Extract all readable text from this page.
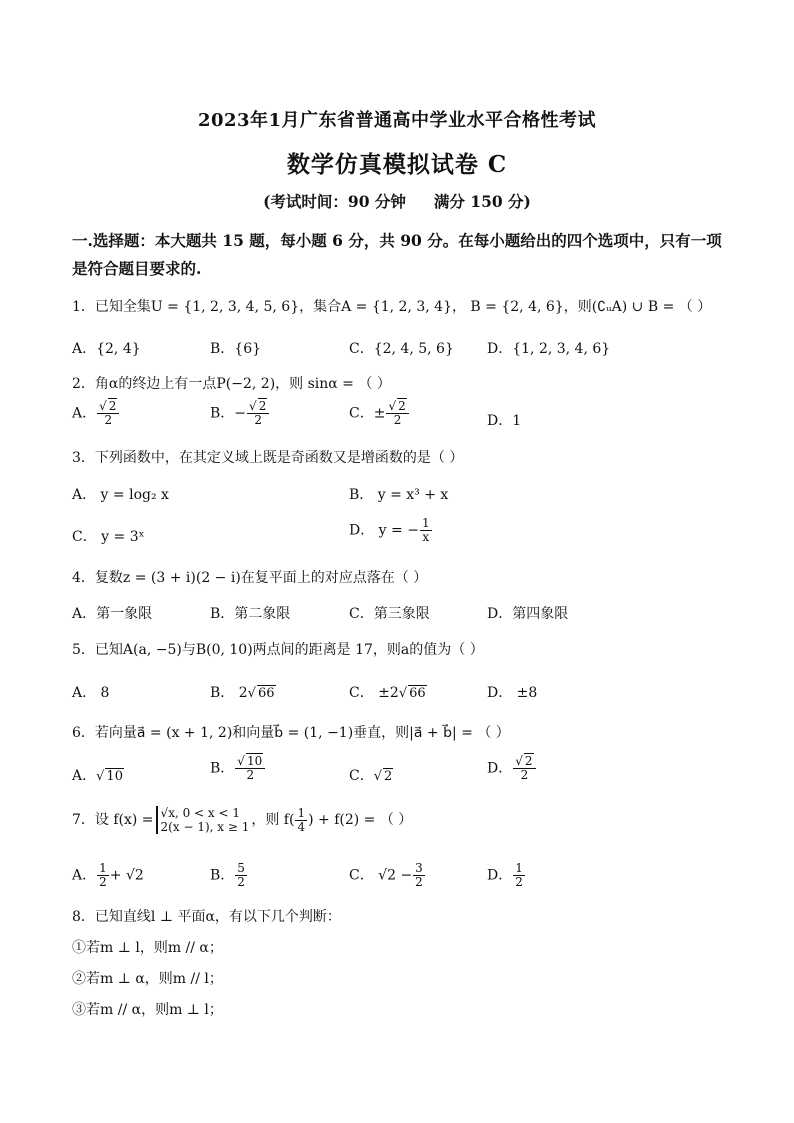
2023年1月广东省普通高中学业水平合格性考试
数学仿真模拟试卷 C
(考试时间：90 分钟 满分 150 分)
一.选择题：本大题共 15 题，每小题 6 分，共 90 分。在每小题给出的四个选项中，只有一项是符合题目要求的.
1．已知全集U = {1, 2, 3, 4, 5, 6}，集合A = {1, 2, 3, 4}， B = {2, 4, 6}，则(∁ᵤA) ∪ B = （ ）
A．{2, 4}	B．{6}	C．{2, 4, 5, 6} D．{1, 2, 3, 4, 6}
2．角α的终边上有一点P(−2, 2)，则 sinα = （ ）
A． $\frac{√ 2}{2}$	B．− $\frac{√ 2}{2}$	C．± $\frac{√ 2}{2}$	D．1
3．下列函数中，在其定义域上既是奇函数又是增函数的是（ ）
A． y = log₂ x	B． y = x³ + x
C． y = 3ˣ	D． y = − $\frac{1}{x}$
4．复数z = (3 + i)(2 − i)在复平面上的对应点落在（ ）
A．第一象限	B．第二象限	C．第三象限	D．第四象限
5．已知A(a, −5)与B(0, 10)两点间的距离是 17，则a的值为（ ）
A． 8	B． 2√ 66	C． ±2√ 66	D． ±8
6．若向量a⃗ = (x + 1, 2)和向量b⃗ = (1, −1)垂直，则|a⃗ + b⃗| = （ ）
A．√ 10	B． $\frac{√ 10}{2}$	C．√ 2	D． $\frac{√ 2}{2}$
7．设 f(x) = √x, 0 < x < 1
2(x − 1), x ≥ 1 ，则 $f( \frac{1}{4}$ ) + f(2) = （ ）
A． $\frac{1}{2} + √2$	B． $\frac{5}{2}$	C． $√2 - \frac{3}{2}$	D． $\frac{1}{2}$
8．已知直线l ⊥ 平面α，有以下几个判断：
①若m ⊥ l，则m // α；
②若m ⊥ α，则m // l；
③若m // α，则m ⊥ l；
